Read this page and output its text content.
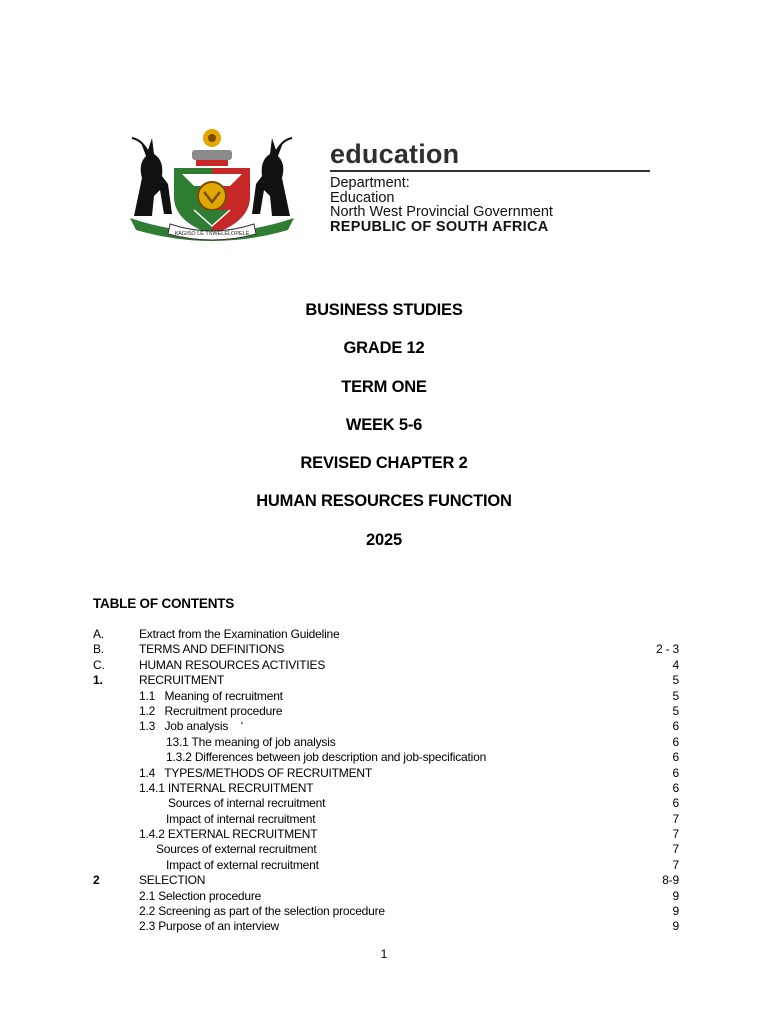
KAGISO LE TSWELELOPELE
education
Department:
Education
North West Provincial Government
REPUBLIC OF SOUTH AFRICA
BUSINESS STUDIES
GRADE 12
TERM ONE
WEEK 5-6
REVISED CHAPTER 2
HUMAN RESOURCES FUNCTION
2025
TABLE OF CONTENTS
A.	Extract from the Examination Guideline
B.	TERMS AND DEFINITIONS	2 - 3
C.	HUMAN RESOURCES ACTIVITIES	4
1.	RECRUITMENT	5
1.1   Meaning of recruitment	5
1.2   Recruitment procedure	5
1.3   Job analysis    ‘	6
13.1 The meaning of job analysis	6
1.3.2 Differences between job description and job-specification	6
1.4   TYPES/METHODS OF RECRUITMENT	6
1.4.1 INTERNAL RECRUITMENT	6
Sources of internal recruitment	6
Impact of internal recruitment	7
1.4.2 EXTERNAL RECRUITMENT	7
Sources of external recruitment	7
Impact of external recruitment	7
2	SELECTION	8-9
2.1 Selection procedure	9
2.2 Screening as part of the selection procedure	9
2.3 Purpose of an interview	9
1
